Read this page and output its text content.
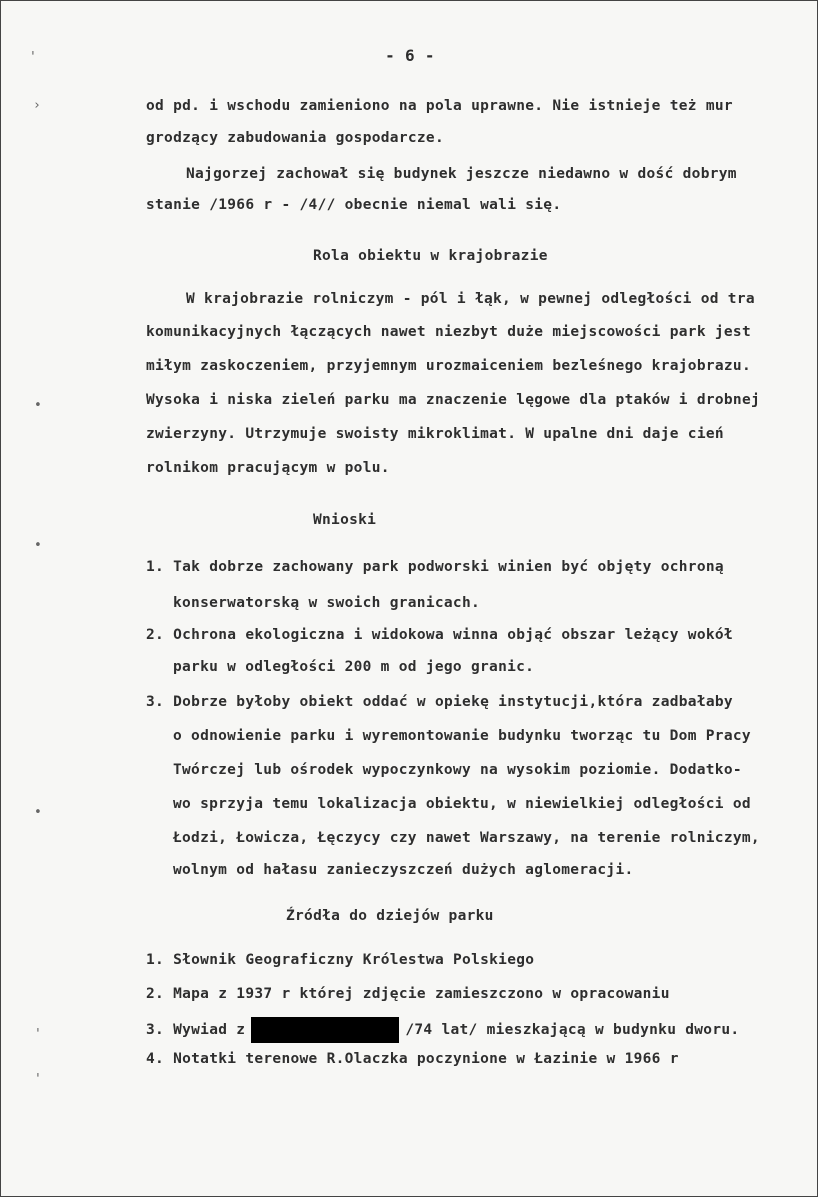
'
›
•
•
•
'
'
- 6 -
od pd. i wschodu zamieniono na pola uprawne. Nie istnieje też mur
grodzący zabudowania gospodarcze.
Najgorzej zachował się budynek jeszcze niedawno w dość dobrym
stanie /1966 r - /4// obecnie niemal wali się.
Rola obiektu w krajobrazie
W krajobrazie rolniczym - pól i łąk, w pewnej odległości od tra
komunikacyjnych łączących nawet niezbyt duże miejscowości park jest
miłym zaskoczeniem, przyjemnym urozmaiceniem bezleśnego krajobrazu.
Wysoka i niska zieleń parku ma znaczenie lęgowe dla ptaków i drobnej
zwierzyny. Utrzymuje swoisty mikroklimat. W upalne dni daje cień
rolnikom pracującym w polu.
Wnioski
1. Tak dobrze zachowany park podworski winien być objęty ochroną
konserwatorską w swoich granicach.
2. Ochrona ekologiczna i widokowa winna objąć obszar leżący wokół
parku w odległości 200 m od jego granic.
3. Dobrze byłoby obiekt oddać w opiekę instytucji,która zadbałaby
o odnowienie parku i wyremontowanie budynku tworząc tu Dom Pracy
Twórczej lub ośrodek wypoczynkowy na wysokim poziomie. Dodatko-
wo sprzyja temu lokalizacja obiektu, w niewielkiej odległości od
Łodzi, Łowicza, Łęczycy czy nawet Warszawy, na terenie rolniczym,
wolnym od hałasu zanieczyszczeń dużych aglomeracji.
Źródła do dziejów parku
1. Słownik Geograficzny Królestwa Polskiego
2. Mapa z 1937 r której zdjęcie zamieszczono w opracowaniu
3. Wywiad z	/74 lat/ mieszkającą w budynku dworu.
4. Notatki terenowe R.Olaczka poczynione w Łazinie w 1966 r
